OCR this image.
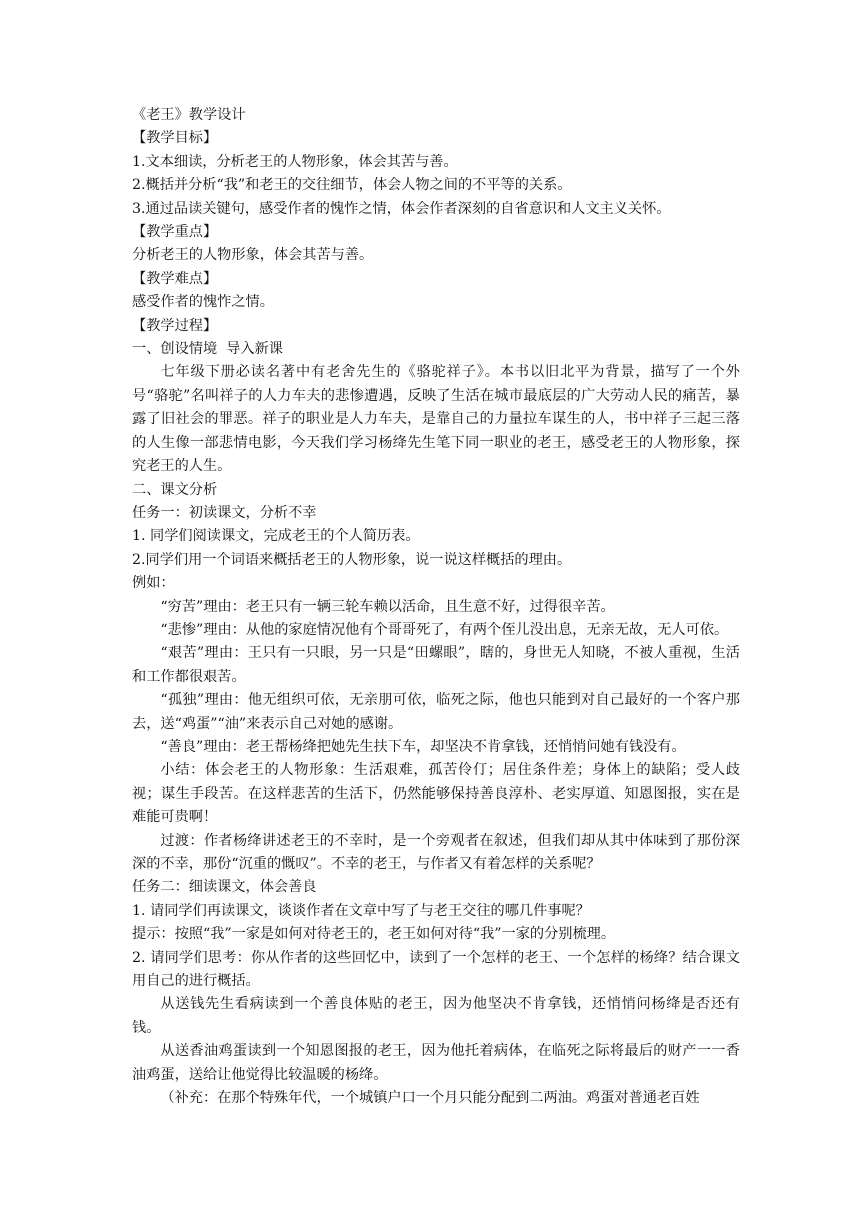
《老王》教学设计

【教学目标】

1.文本细读，分析老王的人物形象，体会其苦与善。

2.概括并分析“我”和老王的交往细节，体会人物之间的不平等的关系。

3.通过品读关键句，感受作者的愧怍之情，体会作者深刻的自省意识和人文主义关怀。

【教学重点】

分析老王的人物形象，体会其苦与善。

【教学难点】

感受作者的愧怍之情。

【教学过程】

一、创设情境  导入新课

七年级下册必读名著中有老舍先生的《骆驼祥子》。本书以旧北平为背景，描写了一个外号“骆驼”名叫祥子的人力车夫的悲惨遭遇，反映了生活在城市最底层的广大劳动人民的痛苦，暴露了旧社会的罪恶。祥子的职业是人力车夫，是靠自己的力量拉车谋生的人，书中祥子三起三落的人生像一部悲情电影，今天我们学习杨绛先生笔下同一职业的老王，感受老王的人物形象，探究老王的人生。

二、课文分析

任务一：初读课文，分析不幸

1. 同学们阅读课文，完成老王的个人简历表。

2.同学们用一个词语来概括老王的人物形象，说一说这样概括的理由。

例如：

“穷苦”理由：老王只有一辆三轮车赖以活命，且生意不好，过得很辛苦。

“悲惨”理由：从他的家庭情况他有个哥哥死了，有两个侄儿没出息，无亲无故，无人可依。

“艰苦”理由：王只有一只眼，另一只是“田螺眼”，瞎的，身世无人知晓，不被人重视，生活和工作都很艰苦。

“孤独”理由：他无组织可依，无亲朋可依，临死之际，他也只能到对自己最好的一个客户那去，送“鸡蛋”“油”来表示自己对她的感谢。

“善良”理由：老王帮杨绛把她先生扶下车，却坚决不肯拿钱，还悄悄问她有钱没有。

小结：体会老王的人物形象：生活艰难，孤苦伶仃；居住条件差；身体上的缺陷；受人歧视；谋生手段苦。在这样悲苦的生活下，仍然能够保持善良淳朴、老实厚道、知恩图报，实在是难能可贵啊！

过渡：作者杨绛讲述老王的不幸时，是一个旁观者在叙述，但我们却从其中体味到了那份深深的不幸，那份“沉重的慨叹”。不幸的老王，与作者又有着怎样的关系呢？

任务二：细读课文，体会善良

1. 请同学们再读课文，谈谈作者在文章中写了与老王交往的哪几件事呢？

提示：按照“我”一家是如何对待老王的，老王如何对待“我”一家的分别梳理。

2. 请同学们思考：你从作者的这些回忆中，读到了一个怎样的老王、一个怎样的杨绛？结合课文用自己的进行概括。

从送钱先生看病读到一个善良体贴的老王，因为他坚决不肯拿钱，还悄悄问杨绛是否还有钱。

从送香油鸡蛋读到一个知恩图报的老王，因为他托着病体，在临死之际将最后的财产一一香油鸡蛋，送给让他觉得比较温暖的杨绛。

（补充：在那个特殊年代，一个城镇户口一个月只能分配到二两油。鸡蛋对普通老百姓
